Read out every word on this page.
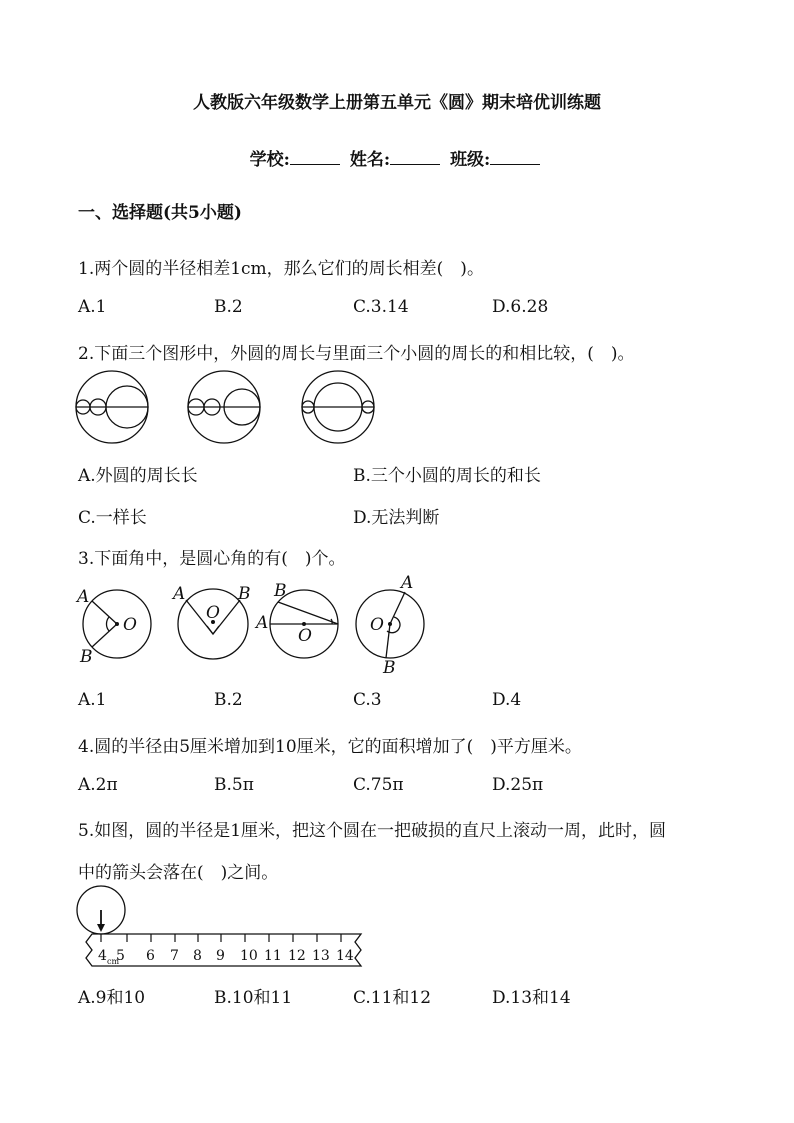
人教版六年级数学上册第五单元《圆》期末培优训练题
学校:	姓名:	班级:
一、选择题(共5小题)
1.两个圆的半径相差1cm，那么它们的周长相差(　)。
A.1	B.2	C.3.14	D.6.28
2.下面三个图形中，外圆的周长与里面三个小圆的周长的和相比较，(　)。
A.外圆的周长长	B.三个小圆的周长的和长
C.一样长	D.无法判断
3.下面角中，是圆心角的有(　)个。
A
B
O
A	B
O
B
A
O
A
B
O
A.1	B.2	C.3	D.4
4.圆的半径由5厘米增加到10厘米，它的面积增加了(　)平方厘米。
A.2π	B.5π	C.75π	D.25π
5.如图，圆的半径是1厘米，把这个圆在一把破损的直尺上滚动一周，此时，圆
中的箭头会落在(　)之间。
4 5 6 7 8 9 10 11 12 13 14
cm
A.9和10	B.10和11	C.11和12	D.13和14
